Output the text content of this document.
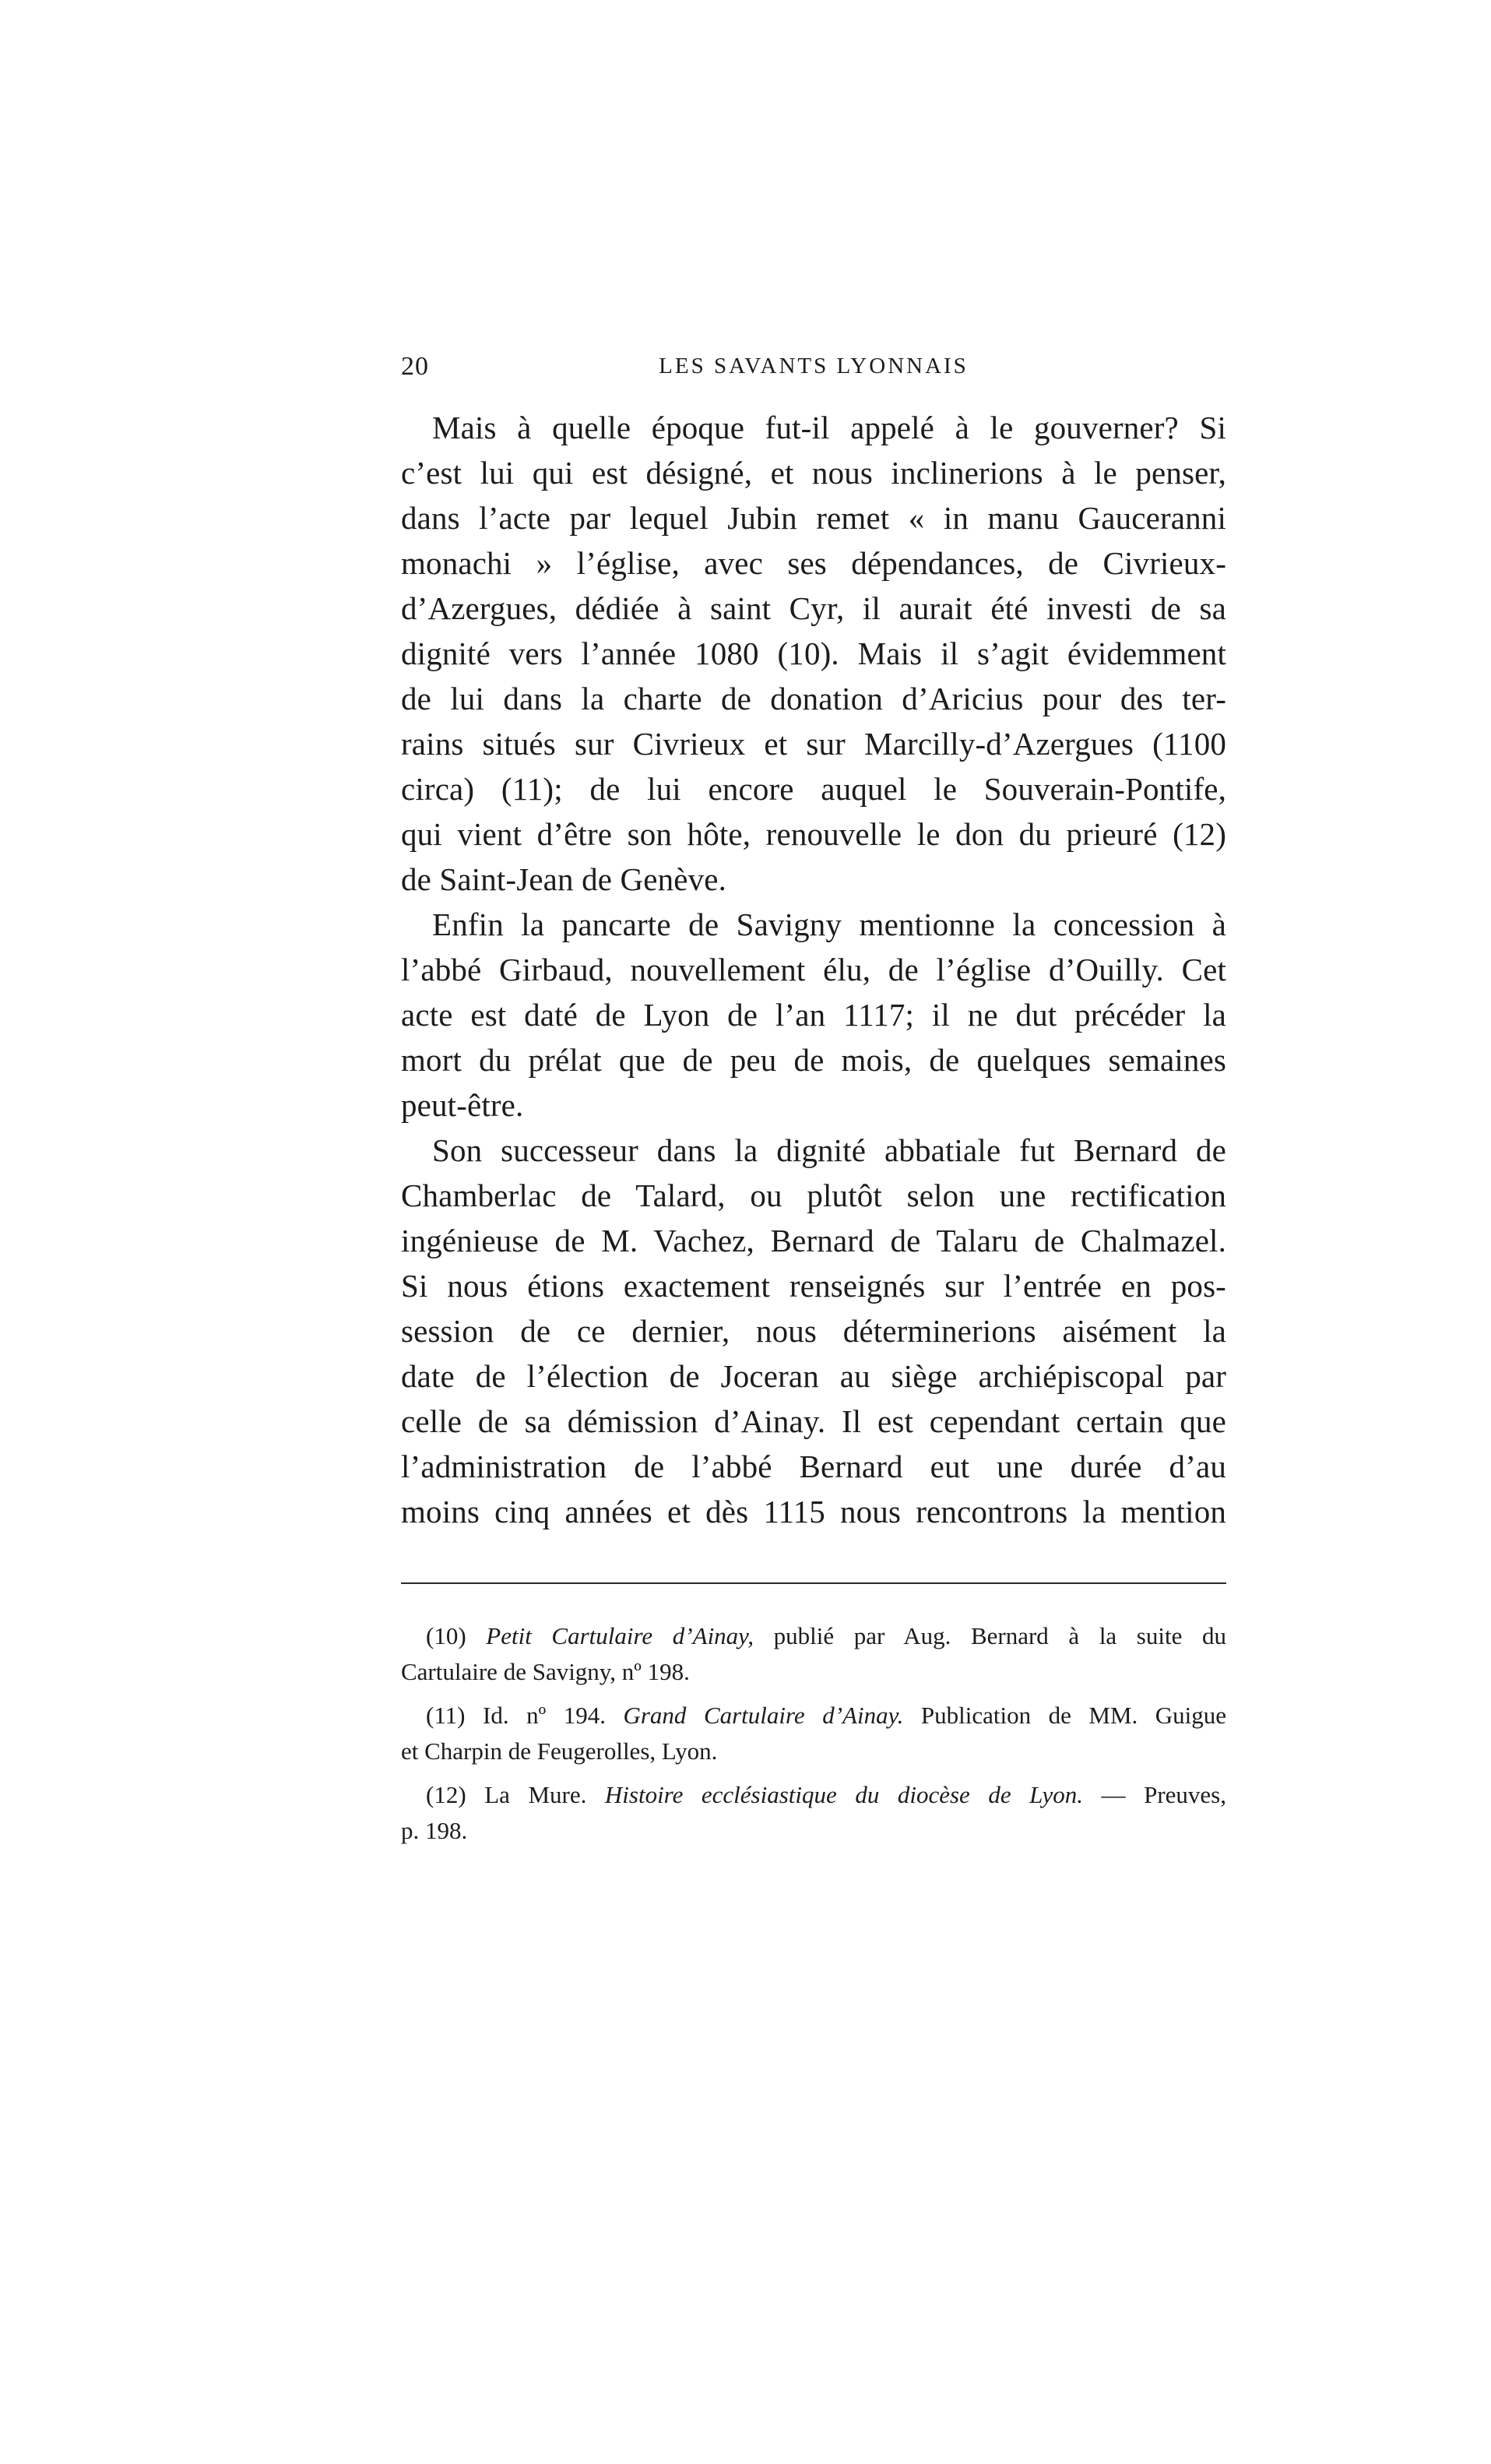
20	LES SAVANTS LYONNAIS
Mais à quelle époque fut-il appelé à le gouverner? Si
c’est lui qui est désigné, et nous inclinerions à le penser,
dans l’acte par lequel Jubin remet « in manu Gauceranni
monachi » l’église, avec ses dépendances, de Civrieux-
d’Azergues, dédiée à saint Cyr, il aurait été investi de sa
dignité vers l’année 1080 (10). Mais il s’agit évidemment
de lui dans la charte de donation d’Aricius pour des ter-
rains situés sur Civrieux et sur Marcilly-d’Azergues (1100
circa) (11); de lui encore auquel le Souverain-Pontife,
qui vient d’être son hôte, renouvelle le don du prieuré (12)
de Saint-Jean de Genève.
Enfin la pancarte de Savigny mentionne la concession à
l’abbé Girbaud, nouvellement élu, de l’église d’Ouilly. Cet
acte est daté de Lyon de l’an 1117; il ne dut précéder la
mort du prélat que de peu de mois, de quelques semaines
peut-être.
Son successeur dans la dignité abbatiale fut Bernard de
Chamberlac de Talard, ou plutôt selon une rectification
ingénieuse de M. Vachez, Bernard de Talaru de Chalmazel.
Si nous étions exactement renseignés sur l’entrée en pos-
session de ce dernier, nous déterminerions aisément la
date de l’élection de Joceran au siège archiépiscopal par
celle de sa démission d’Ainay. Il est cependant certain que
l’administration de l’abbé Bernard eut une durée d’au
moins cinq années et dès 1115 nous rencontrons la mention
(10) Petit Cartulaire d’Ainay, publié par Aug. Bernard à la suite du
Cartulaire de Savigny, nº 198.
(11) Id. nº 194. Grand Cartulaire d’Ainay. Publication de MM. Guigue
et Charpin de Feugerolles, Lyon.
(12) La Mure. Histoire ecclésiastique du diocèse de Lyon. — Preuves,
p. 198.
